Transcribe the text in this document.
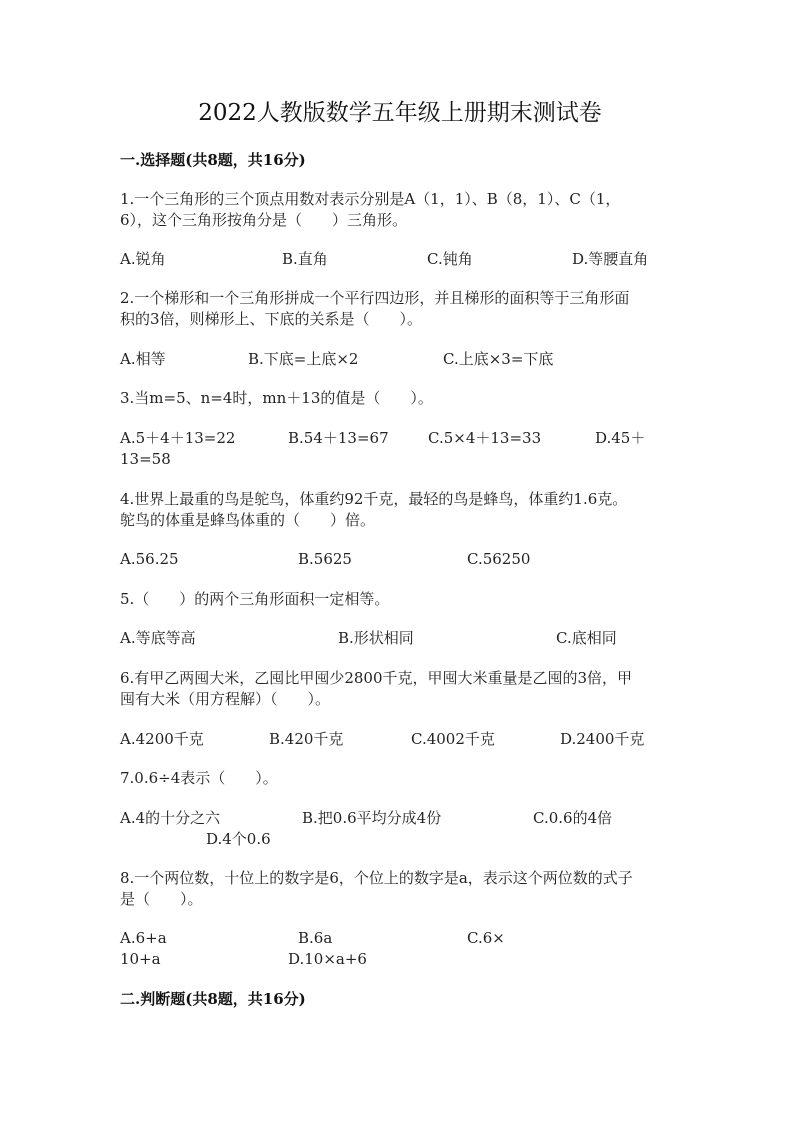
2022人教版数学五年级上册期末测试卷
一.选择题(共8题，共16分)
1.一个三角形的三个顶点用数对表示分别是A（1，1）、B（8，1）、C（1，
6），这个三角形按角分是（　　）三角形。
A.锐角	B.直角	C.钝角	D.等腰直角
2.一个梯形和一个三角形拼成一个平行四边形，并且梯形的面积等于三角形面
积的3倍，则梯形上、下底的关系是（　　）。
A.相等	B.下底=上底×2	C.上底×3=下底
3.当m=5、n=4时，mn＋13的值是（　　）。
A.5＋4＋13=22	B.54＋13=67	C.5×4＋13=33	D.45＋
13=58
4.世界上最重的鸟是鸵鸟，体重约92千克，最轻的鸟是蜂鸟，体重约1.6克。
鸵鸟的体重是蜂鸟体重的（　　）倍。
A.56.25	B.5625	C.56250
5.（　　）的两个三角形面积一定相等。
A.等底等高	B.形状相同	C.底相同
6.有甲乙两囤大米，乙囤比甲囤少2800千克，甲囤大米重量是乙囤的3倍，甲
囤有大米（用方程解）（　　）。
A.4200千克	B.420千克	C.4002千克	D.2400千克
7.0.6÷4表示（　　）。
A.4的十分之六	B.把0.6平均分成4份	C.0.6的4倍
D.4个0.6
8.一个两位数，十位上的数字是6，个位上的数字是a，表示这个两位数的式子
是（　　）。
A.6+a	B.6a	C.6×
10+a	D.10×a+6
二.判断题(共8题，共16分)
